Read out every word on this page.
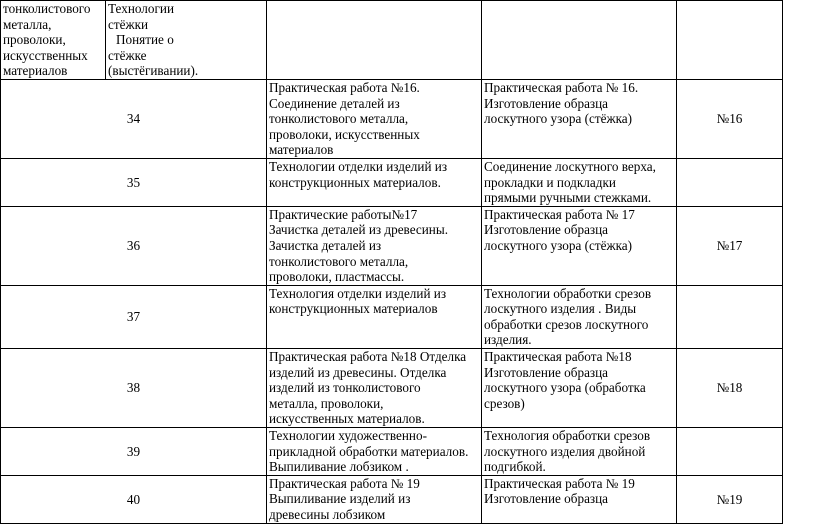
тонколистового
металла,
проволоки,
искусственных
материалов	Технологии
стёжки
Понятие о
стёжке
(выстёгивании).			

34		Практическая работа №16.
Соединение деталей из
тонколистового металла,
проволоки, искусственных
материалов	Практическая работа № 16.
Изготовление образца
лоскутного узора (стёжка)	№16
35		Технологии отделки изделий из
конструкционных материалов.	Соединение лоскутного верха,
прокладки и подкладки
прямыми ручными стежками.	

36		Практические работы№17
Зачистка деталей из древесины.
Зачистка деталей из
тонколистового металла,
проволоки, пластмассы.	Практическая работа № 17
Изготовление образца
лоскутного узора (стёжка)	№17
37		Технология отделки изделий из
конструкционных материалов	Технологии обработки срезов
лоскутного изделия . Виды
обработки срезов лоскутного
изделия.	

38		Практическая работа №18 Отделка
изделий из древесины. Отделка
изделий из тонколистового
металла, проволоки,
искусственных материалов.	Практическая работа №18
Изготовление образца
лоскутного узора (обработка
срезов)	№18
39		Технологии художественно-
прикладной обработки материалов.
Выпиливание лобзиком .	Технология обработки срезов
лоскутного изделия двойной
подгибкой.	

40		Практическая работа № 19
Выпиливание изделий из
древесины лобзиком	Практическая работа № 19
Изготовление образца	№19
